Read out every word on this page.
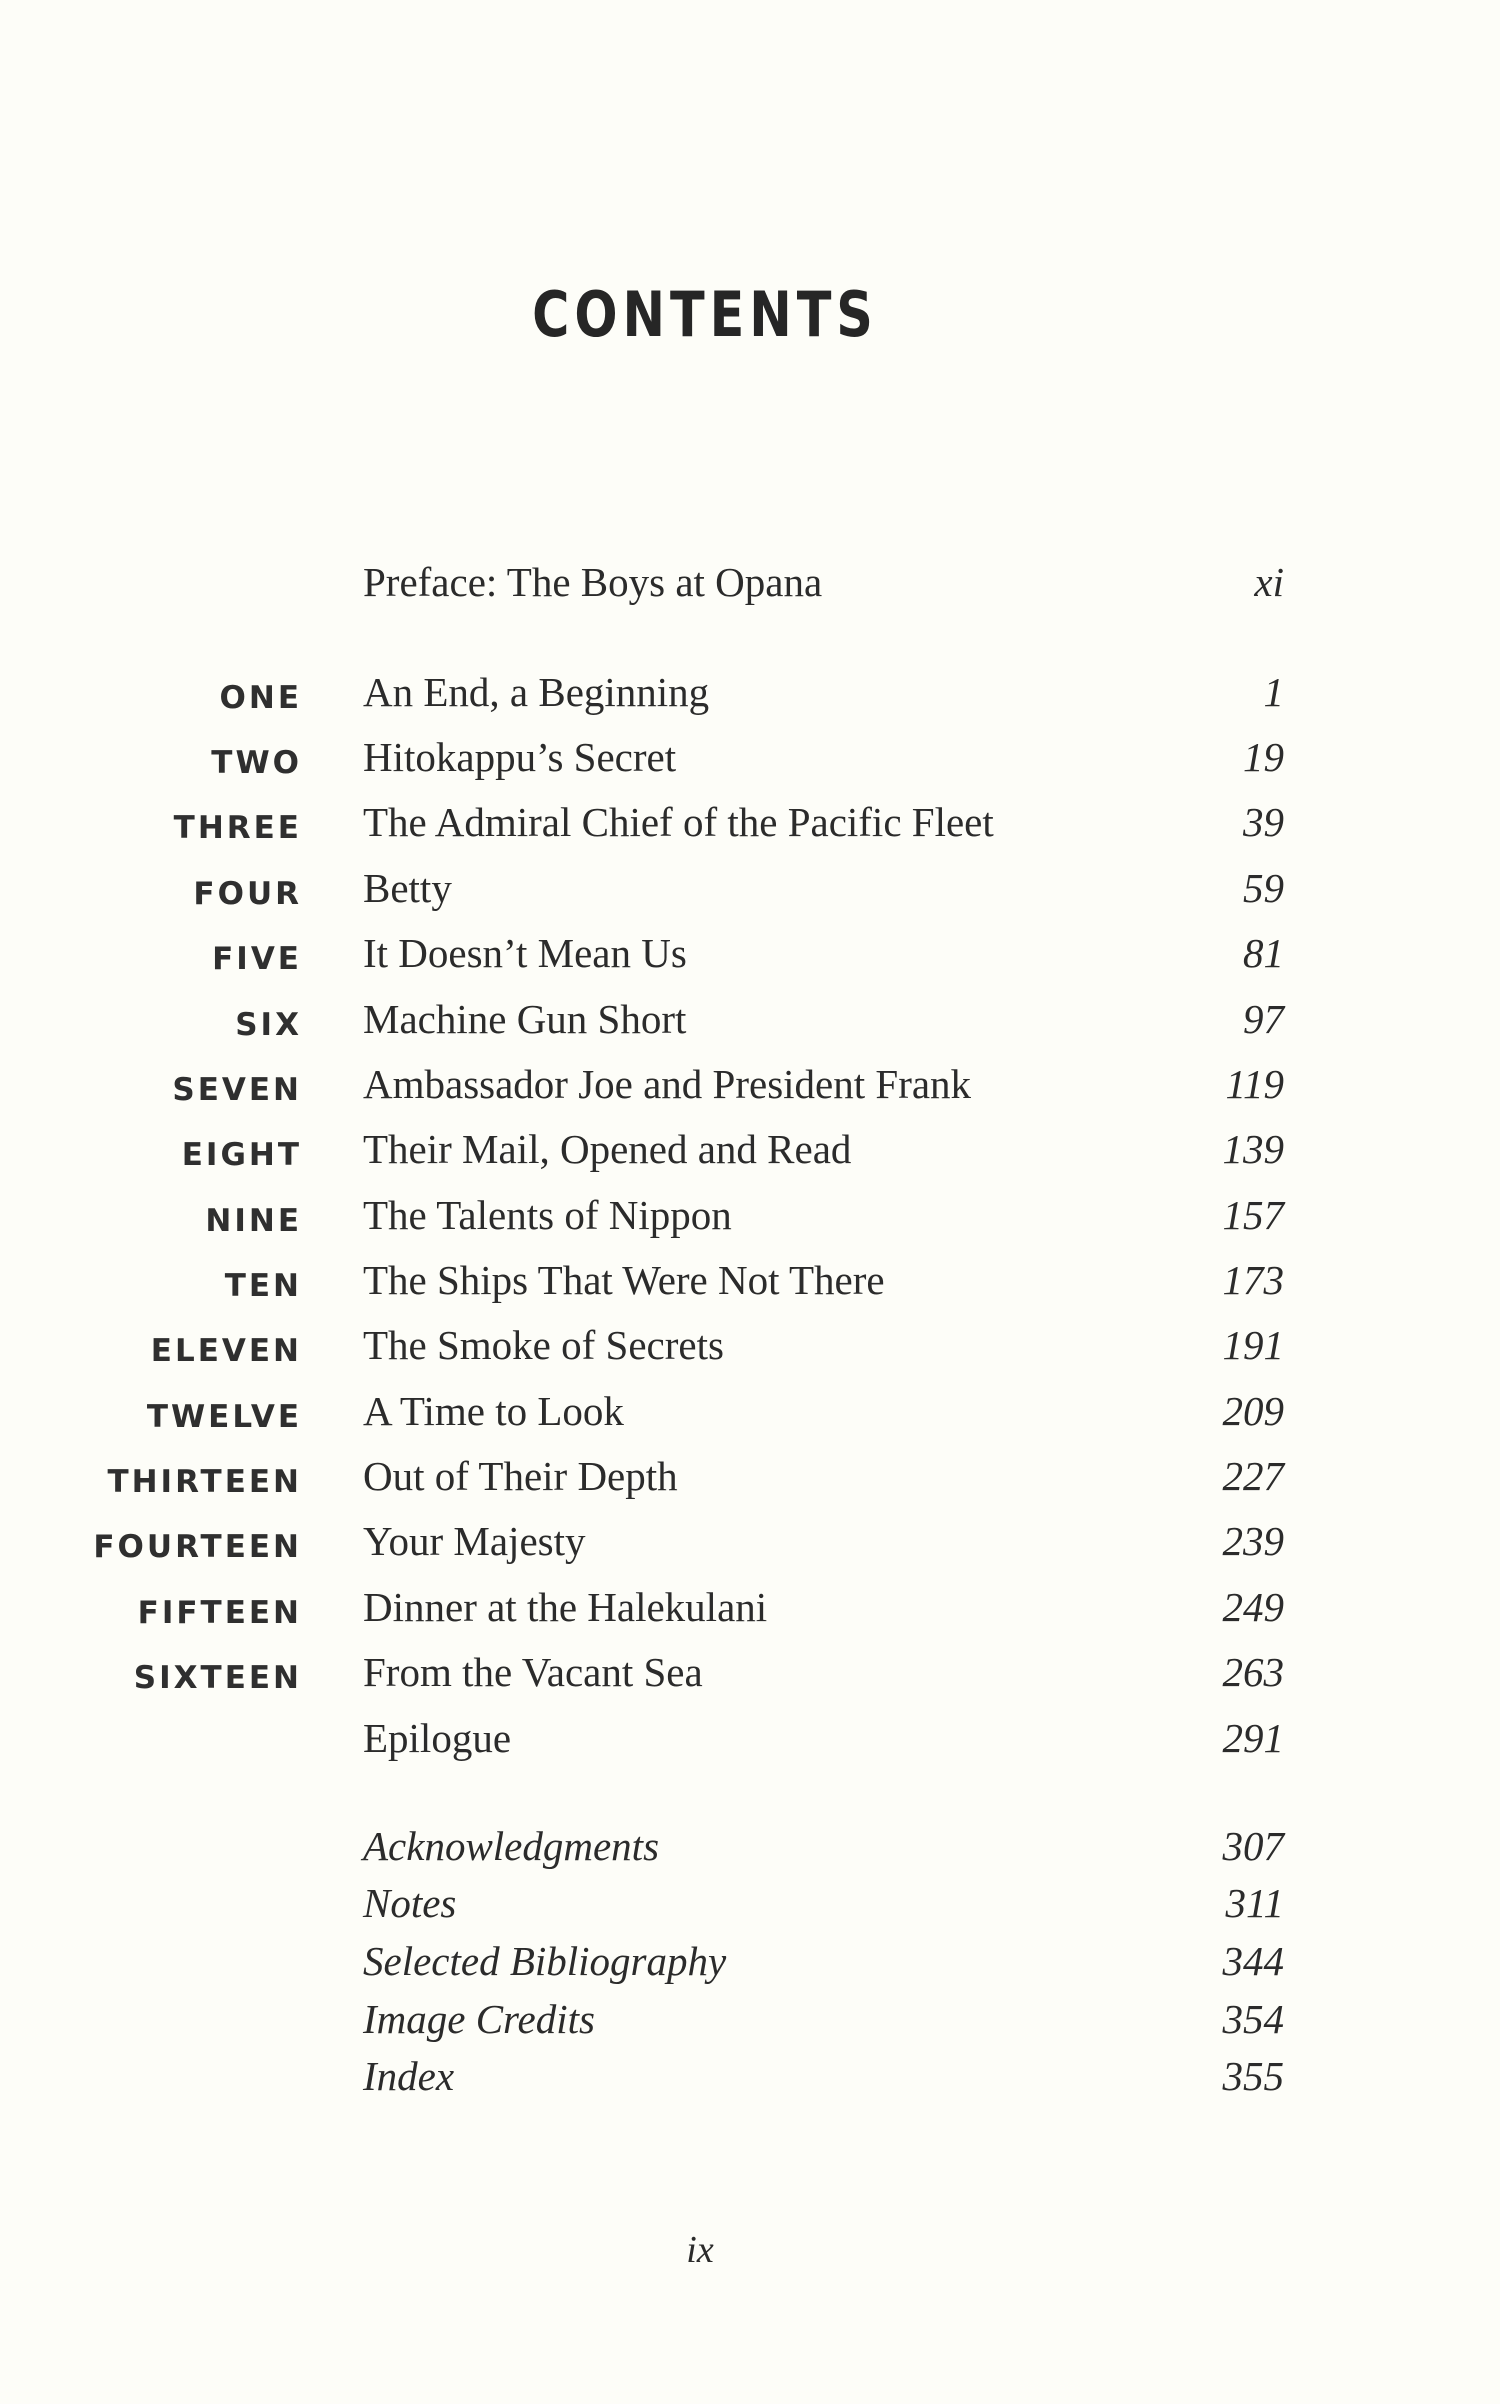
CONTENTS
Preface: The Boys at Opana	xi
ONE An End, a Beginning	1
TWO Hitokappu’s Secret	19
THREE The Admiral Chief of the Pacific Fleet	39
FOUR Betty	59
FIVE It Doesn’t Mean Us	81
SIX Machine Gun Short	97
SEVEN Ambassador Joe and President Frank	119
EIGHT Their Mail, Opened and Read	139
NINE The Talents of Nippon	157
TEN The Ships That Were Not There	173
ELEVEN The Smoke of Secrets	191
TWELVE A Time to Look	209
THIRTEEN Out of Their Depth	227
FOURTEEN Your Majesty	239
FIFTEEN Dinner at the Halekulani	249
SIXTEEN From the Vacant Sea	263
Epilogue	291
Acknowledgments	307
Notes	311
Selected Bibliography	344
Image Credits	354
Index	355
ix
